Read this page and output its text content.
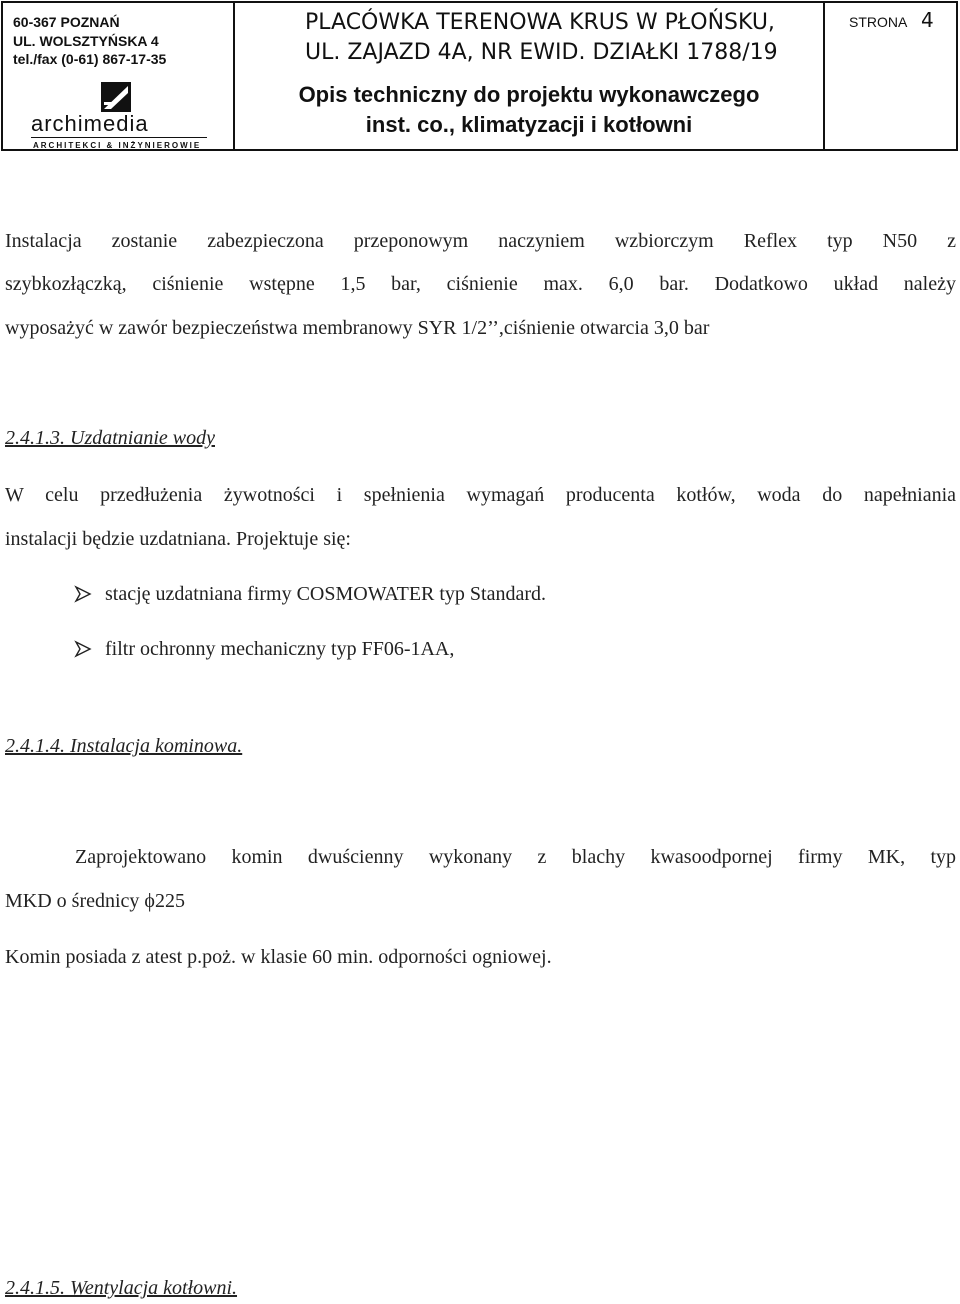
60-367 POZNAŃ
UL. WOLSZTYŃSKA 4
tel./fax (0-61) 867-17-35
archimedia
ARCHITEKCI & INŻYNIEROWIE
PLACÓWKA TERENOWA KRUS W PŁOŃSKU,
UL. ZAJAZD 4A, NR EWID. DZIAŁKI 1788/19
Opis techniczny do projektu wykonawczego
inst. co., klimatyzacji i kotłowni
STRONA 4
Instalacja zostanie zabezpieczona przeponowym naczyniem wzbiorczym Reflex typ N50 z
szybkozłączką, ciśnienie wstępne 1,5 bar, ciśnienie max. 6,0 bar. Dodatkowo układ należy
wyposażyć w zawór bezpieczeństwa membranowy SYR 1/2’’,ciśnienie otwarcia 3,0 bar
2.4.1.3. Uzdatnianie wody
W celu przedłużenia żywotności i spełnienia wymagań producenta kotłów, woda do napełniania
instalacji będzie uzdatniana. Projektuje się:
stację uzdatniana firmy COSMOWATER typ Standard.
filtr ochronny mechaniczny typ FF06-1AA,
2.4.1.4. Instalacja kominowa.
Zaprojektowano komin dwuścienny wykonany z blachy kwasoodpornej firmy MK, typ
MKD o średnicy ϕ225
Komin posiada z atest p.poż. w klasie 60 min. odporności ogniowej.
2.4.1.5. Wentylacja kotłowni.
